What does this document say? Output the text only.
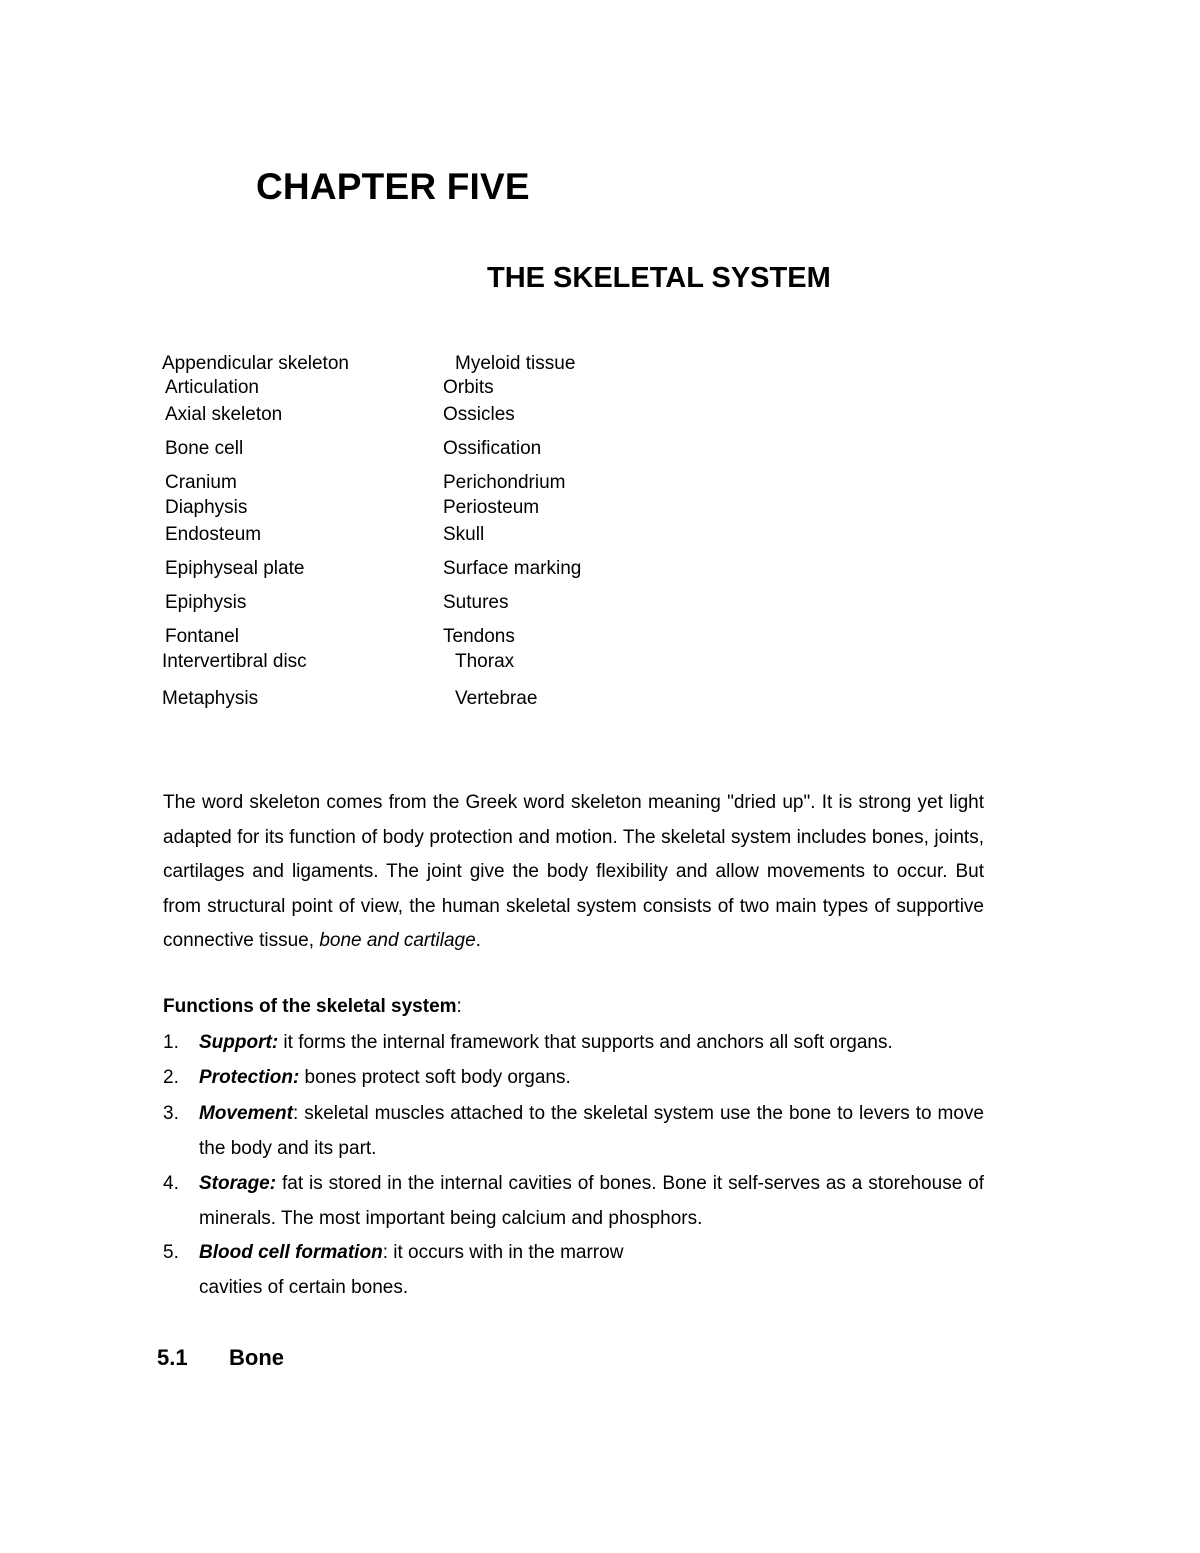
CHAPTER FIVE
THE SKELETAL SYSTEM
Appendicular skeleton
Articulation
Axial skeleton
Bone cell
Cranium
Diaphysis
Endosteum
Epiphyseal plate
Epiphysis
Fontanel
Intervertibral disc
Metaphysis
Myeloid tissue
Orbits
Ossicles
Ossification
Perichondrium
Periosteum
Skull
Surface marking
Sutures
Tendons
Thorax
Vertebrae

The word skeleton comes from the Greek word skeleton meaning "dried up". It is strong yet light adapted for its function of body protection and motion. The skeletal system includes bones, joints, cartilages and ligaments. The joint give the body flexibility and allow movements to occur. But from structural point of view, the human skeletal system consists of two main types of supportive connective tissue, bone and cartilage.

Functions of the skeletal system:

1. Support: it forms the internal framework that supports and anchors all soft organs.
2. Protection: bones protect soft body organs.
3. Movement: skeletal muscles attached to the skeletal system use the bone to levers to move the body and its part.
4. Storage: fat is stored in the internal cavities of bones. Bone it self-serves as a storehouse of minerals. The most important being calcium and phosphors.
5. Blood cell formation: it occurs with in the marrow
cavities of certain bones.
5.1 Bone
